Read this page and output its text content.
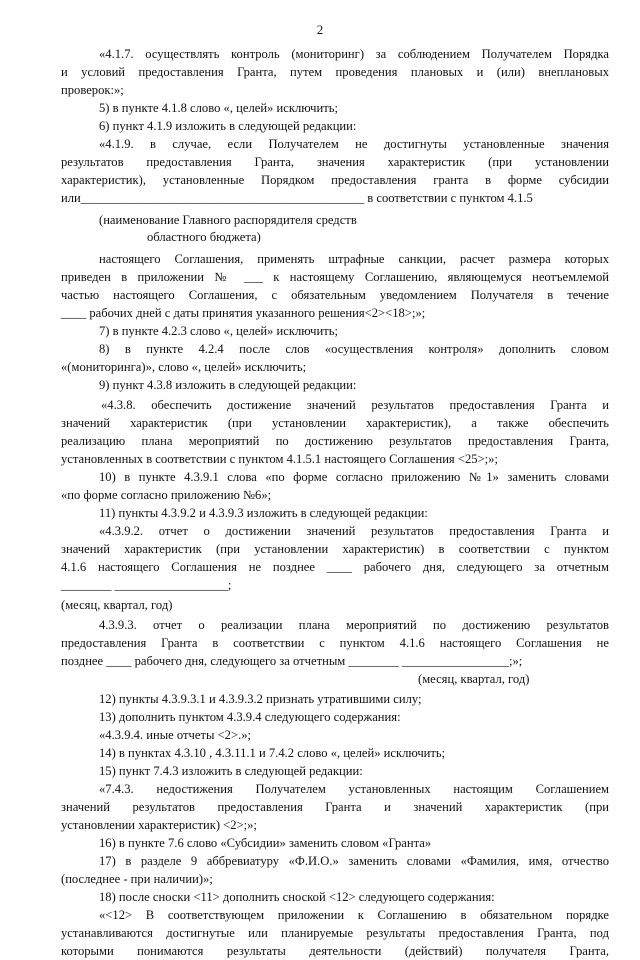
2
«4.1.7. осуществлять контроль (мониторинг) за соблюдением Получателем Порядка
и условий предоставления Гранта, путем проведения плановых и (или) внеплановых
проверок:»;
5) в пункте 4.1.8 слово «, целей» исключить;
6) пункт 4.1.9 изложить в следующей редакции:
«4.1.9. в случае, если Получателем не достигнуты установленные значения
результатов предоставления Гранта, значения характеристик (при установлении
характеристик), установленные Порядком предоставления гранта в форме субсидии
или_____________________________________________ в соответствии с пунктом 4.1.5
(наименование Главного распорядителя средств
областного бюджета)
настоящего Соглашения, применять штрафные санкции, расчет размера которых
приведен в приложении № ___ к настоящему Соглашению, являющемуся неотъемлемой
частью настоящего Соглашения, с обязательным уведомлением Получателя в течение
____ рабочих дней с даты принятия указанного решения<2><18>;»;
7) в пункте 4.2.3 слово «, целей» исключить;
8) в пункте 4.2.4 после слов «осуществления контроля» дополнить словом
«(мониторинга)», слово «, целей» исключить;
9) пункт 4.3.8 изложить в следующей редакции:
«4.3.8. обеспечить достижение значений результатов предоставления Гранта и
значений характеристик (при установлении характеристик), а также обеспечить
реализацию плана мероприятий по достижению результатов предоставления Гранта,
установленных в соответствии с пунктом 4.1.5.1 настоящего Соглашения <25>;»;
10) в пункте 4.3.9.1 слова «по форме согласно приложению №1» заменить словами
«по форме согласно приложению №6»;
11) пункты 4.3.9.2 и 4.3.9.3 изложить в следующей редакции:
«4.3.9.2. отчет о достижении значений результатов предоставления Гранта и
значений характеристик (при установлении характеристик) в соответствии с пунктом
4.1.6 настоящего Соглашения не позднее ____ рабочего дня, следующего за отчетным
________ __________________;
(месяц, квартал, год)
4.3.9.3. отчет о реализации плана мероприятий по достижению результатов
предоставления Гранта в соответствии с пунктом 4.1.6 настоящего Соглашения не
позднее ____ рабочего дня, следующего за отчетным ________ _________________;»;
(месяц, квартал, год)
12) пункты 4.3.9.3.1 и 4.3.9.3.2 признать утратившими силу;
13) дополнить пунктом 4.3.9.4 следующего содержания:
«4.3.9.4. иные отчеты <2>.»;
14) в пунктах 4.3.10 , 4.3.11.1 и 7.4.2 слово «, целей» исключить;
15) пункт 7.4.3 изложить в следующей редакции:
«7.4.3. недостижения Получателем установленных настоящим Соглашением
значений результатов предоставления Гранта и значений характеристик (при
установлении характеристик) <2>;»;
16) в пункте 7.6 слово «Субсидии» заменить словом «Гранта»
17) в разделе 9 аббревиатуру «Ф.И.О.» заменить словами «Фамилия, имя, отчество
(последнее - при наличии)»;
18) после сноски <11> дополнить сноской <12> следующего содержания:
«<12> В соответствующем приложении к Соглашению в обязательном порядке
устанавливаются достигнутые или планируемые результаты предоставления Гранта, под
которыми понимаются результаты деятельности (действий) получателя Гранта,
